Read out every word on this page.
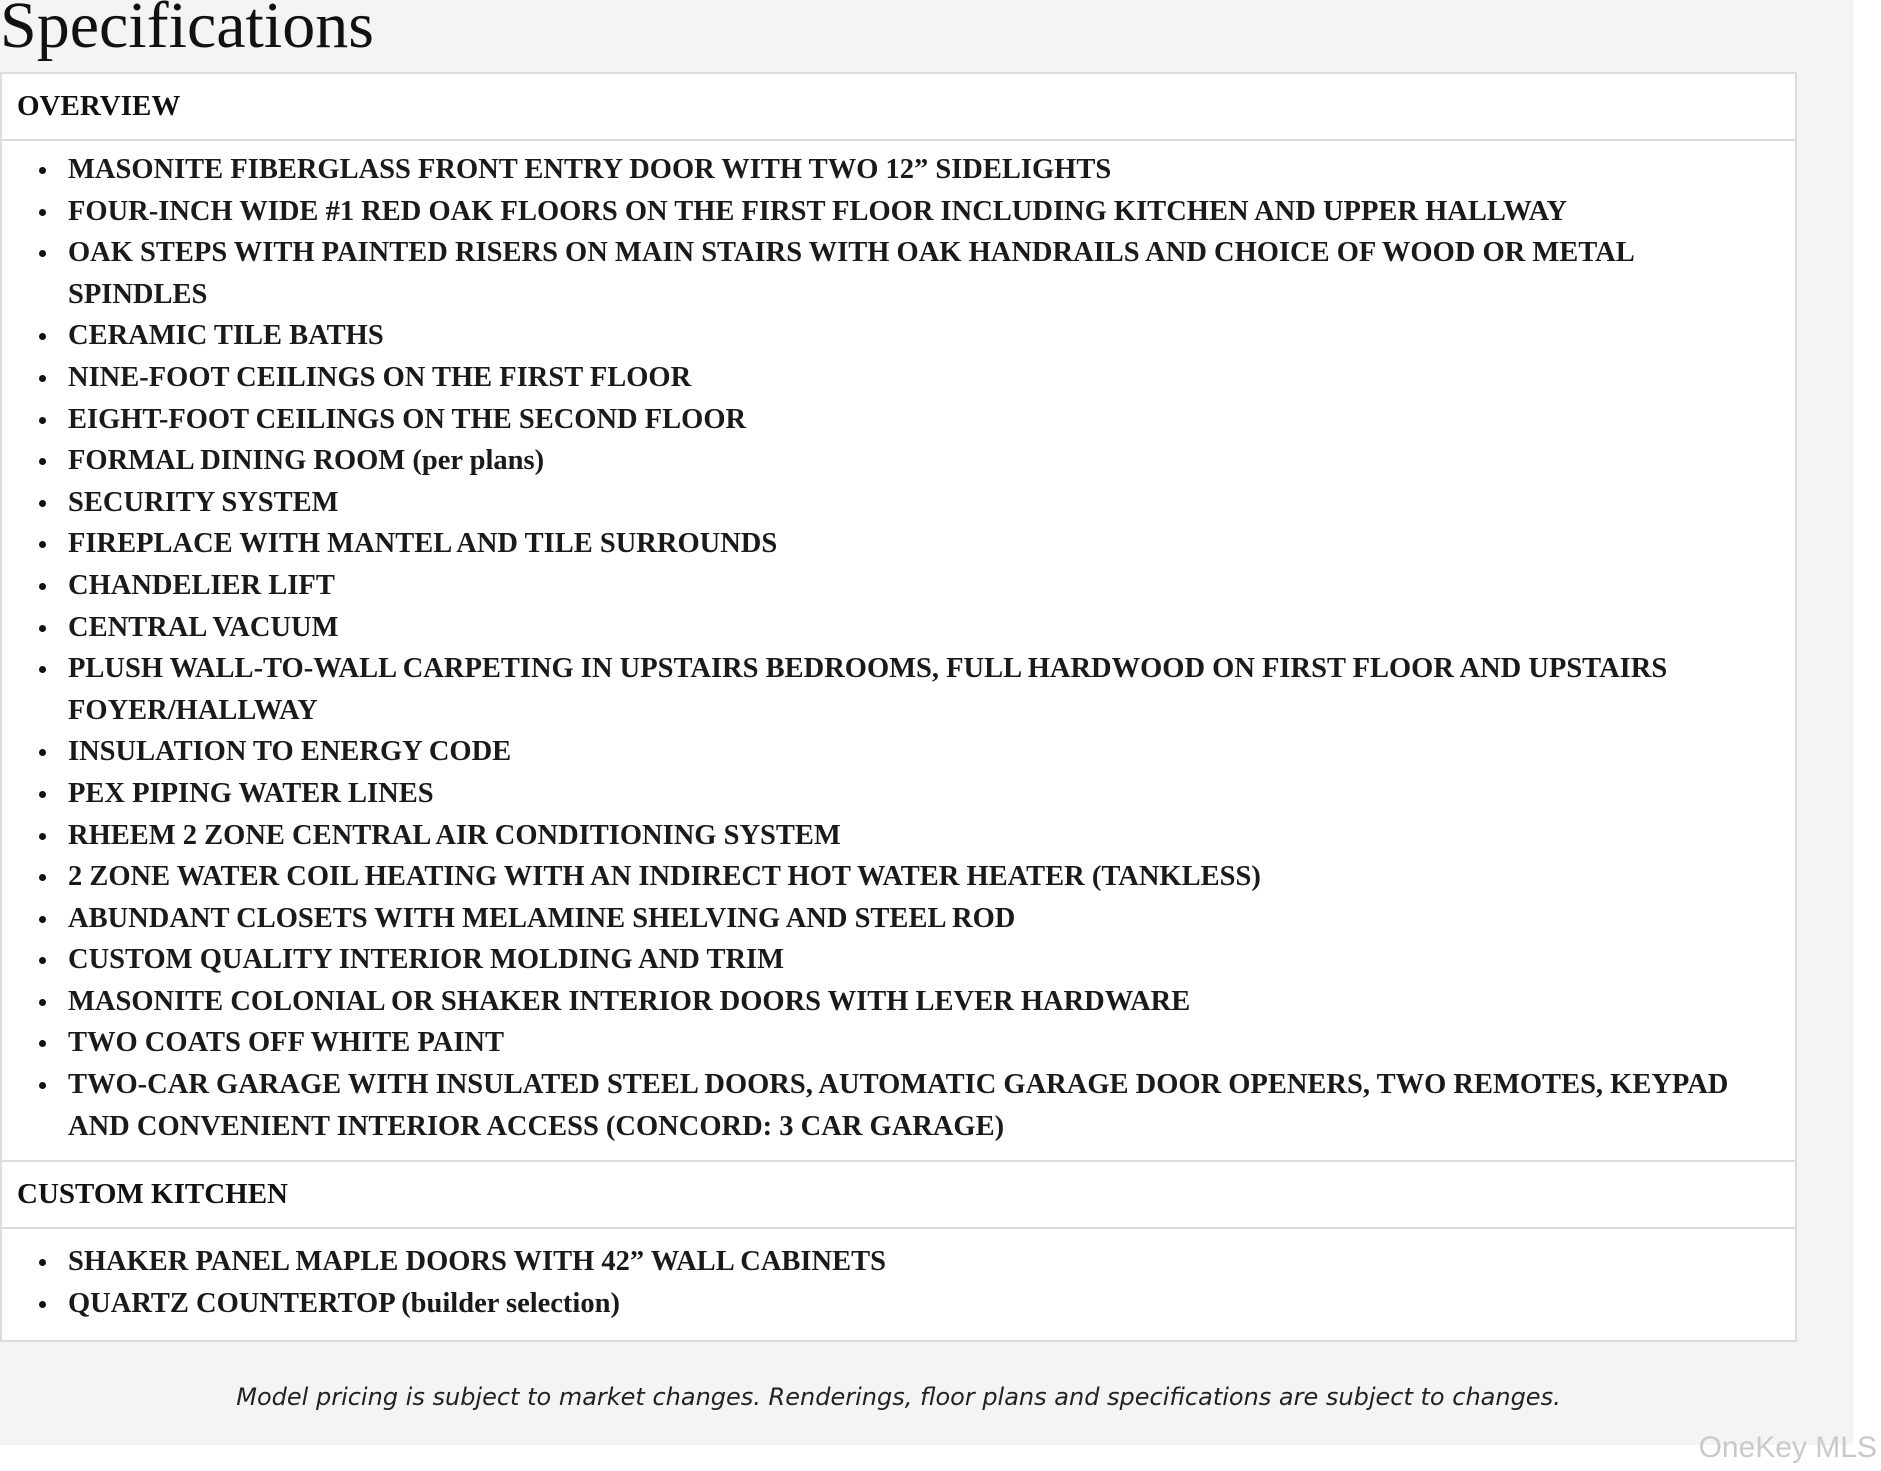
Specifications
OVERVIEW
MASONITE FIBERGLASS FRONT ENTRY DOOR WITH TWO 12” SIDELIGHTS
FOUR-INCH WIDE #1 RED OAK FLOORS ON THE FIRST FLOOR INCLUDING KITCHEN AND UPPER HALLWAY
OAK STEPS WITH PAINTED RISERS ON MAIN STAIRS WITH OAK HANDRAILS AND CHOICE OF WOOD OR METAL SPINDLES
CERAMIC TILE BATHS
NINE-FOOT CEILINGS ON THE FIRST FLOOR
EIGHT-FOOT CEILINGS ON THE SECOND FLOOR
FORMAL DINING ROOM (per plans)
SECURITY SYSTEM
FIREPLACE WITH MANTEL AND TILE SURROUNDS
CHANDELIER LIFT
CENTRAL VACUUM
PLUSH WALL-TO-WALL CARPETING IN UPSTAIRS BEDROOMS, FULL HARDWOOD ON FIRST FLOOR AND UPSTAIRS FOYER/HALLWAY
INSULATION TO ENERGY CODE
PEX PIPING WATER LINES
RHEEM 2 ZONE CENTRAL AIR CONDITIONING SYSTEM
2 ZONE WATER COIL HEATING WITH AN INDIRECT HOT WATER HEATER (TANKLESS)
ABUNDANT CLOSETS WITH MELAMINE SHELVING AND STEEL ROD
CUSTOM QUALITY INTERIOR MOLDING AND TRIM
MASONITE COLONIAL OR SHAKER INTERIOR DOORS WITH LEVER HARDWARE
TWO COATS OFF WHITE PAINT
TWO-CAR GARAGE WITH INSULATED STEEL DOORS, AUTOMATIC GARAGE DOOR OPENERS, TWO REMOTES, KEYPAD AND CONVENIENT INTERIOR ACCESS (CONCORD: 3 CAR GARAGE)
CUSTOM KITCHEN
SHAKER PANEL MAPLE DOORS WITH 42” WALL CABINETS
QUARTZ COUNTERTOP (builder selection)
Model pricing is subject to market changes. Renderings, floor plans and specifications are subject to changes.
OneKey MLS
